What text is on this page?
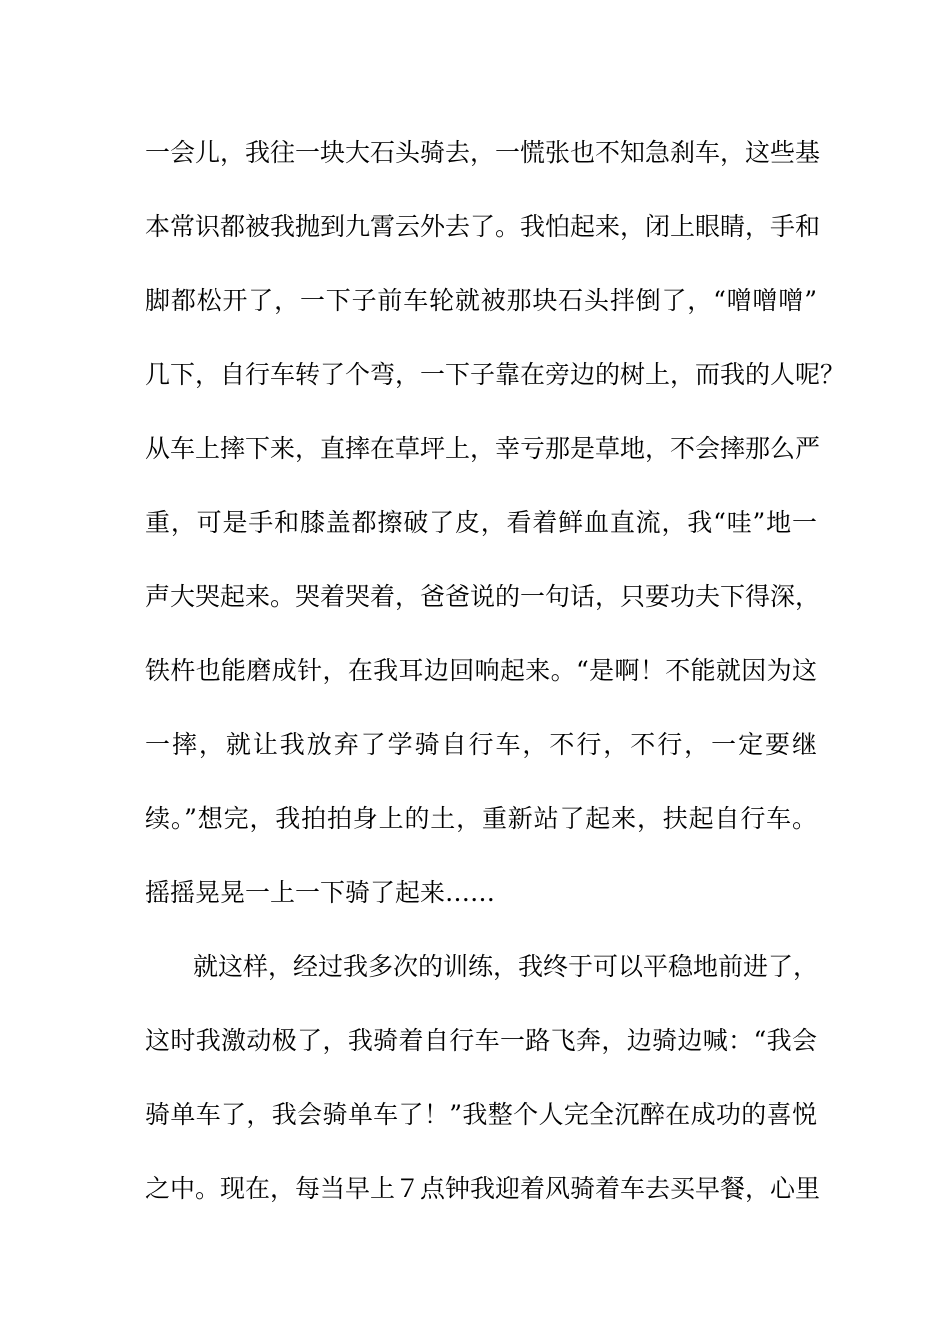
一会儿，我往一块大石头骑去，一慌张也不知急刹车，这些基
本常识都被我抛到九霄云外去了。我怕起来，闭上眼睛，手和
脚都松开了，一下子前车轮就被那块石头拌倒了，“噌噌噌”
几下，自行车转了个弯，一下子靠在旁边的树上，而我的人呢？
从车上摔下来，直摔在草坪上，幸亏那是草地，不会摔那么严
重，可是手和膝盖都擦破了皮，看着鲜血直流，我“哇”地一
声大哭起来。哭着哭着，爸爸说的一句话，只要功夫下得深，
铁杵也能磨成针，在我耳边回响起来。“是啊！不能就因为这
一摔，就让我放弃了学骑自行车，不行，不行，一定要继
续。”想完，我拍拍身上的土，重新站了起来，扶起自行车。
摇摇晃晃一上一下骑了起来……
就这样，经过我多次的训练，我终于可以平稳地前进了，
这时我激动极了，我骑着自行车一路飞奔，边骑边喊：“我会
骑单车了，我会骑单车了！”我整个人完全沉醉在成功的喜悦
之中。现在，每当早上７点钟我迎着风骑着车去买早餐，心里
